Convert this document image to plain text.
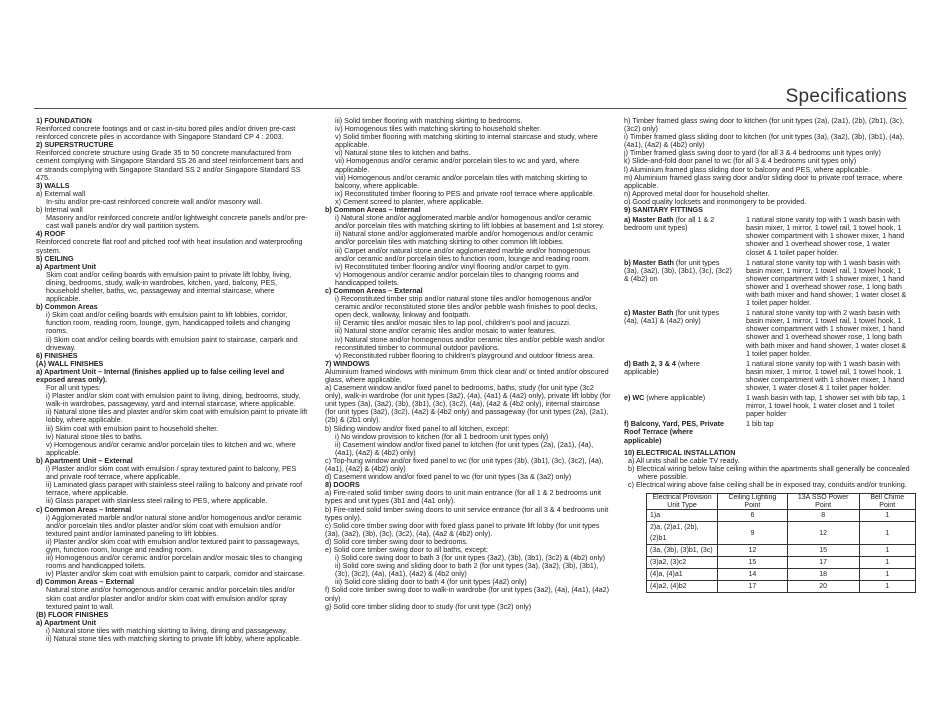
Specifications
1) FOUNDATION
Reinforced concrete footings and or cast in-situ bored piles and/or driven pre-cast reinforced concrete piles in accordance with Singapore Standard CP 4 : 2003.
2) SUPERSTRUCTURE
Reinforced concrete structure using Grade 35 to 50 concrete manufactured from cement complying with Singapore Standard SS 26 and steel reinforcement bars and or strands complying with Singapore Standard SS 2 and/or Singapore Standard SS 475.
3) WALLS
a) External wall
In-situ and/or pre-cast reinforced concrete wall and/or masonry wall.
b) Internal wall
Masonry and/or reinforced concrete and/or lightweight concrete panels and/or pre-cast wall panels and/or dry wall partition system.
4) ROOF
Reinforced concrete flat roof and pitched roof with heat insulation and waterproofing system.
5) CEILING
a) Apartment Unit
Skim coat and/or ceiling boards with emulsion paint to private lift lobby, living, dining, bedrooms, study, walk-in wardrobes, kitchen, yard, balcony, PES, household shelter, baths, wc, passageway and internal staircase, where applicable.
b) Common Areas
i) Skim coat and/or ceiling boards with emulsion paint to lift lobbies, corridor, function room, reading room, lounge, gym, handicapped toilets and changing rooms.
ii) Skim coat and/or ceiling boards with emulsion paint to staircase, carpark and driveway.
6) FINISHES
(A) WALL FINISHES
a) Apartment Unit – Internal (finishes applied up to false ceiling level and exposed areas only).
For all unit types:
i) Plaster and/or skim coat with emulsion paint to living, dining, bedrooms, study, walk-in wardrobes, passageway, yard and internal staircase, where applicable.
ii) Natural stone tiles and plaster and/or skim coat with emulsion paint to private lift lobby, where applicable.
iii) Skim coat with emulsion paint to household shelter.
iv) Natural stone tiles to baths.
v) Homogenous and/or ceramic and/or porcelain tiles to kitchen and wc, where applicable.
b) Apartment Unit – External
i) Plaster and/or skim coat with emulsion / spray textured paint to balcony, PES and private roof terrace, where applicable.
ii) Laminated glass parapet with stainless steel railing to balcony and private roof terrace, where applicable.
iii) Glass parapet with stainless steel railing to PES, where applicable.
c) Common Areas – Internal
i) Agglomerated marble and/or natural stone and/or homogenous and/or ceramic and/or porcelain tiles and/or plaster and/or skim coat with emulsion and/or textured paint and/or laminated paneling to lift lobbies.
ii) Plaster and/or skim coat with emulsion and/or textured paint to passageways, gym, function room, lounge and reading room.
iii) Homogenous and/or ceramic and/or porcelain and/or mosaic tiles to changing rooms and handicapped toilets.
iv) Plaster and/or skim coat with emulsion paint to carpark, corridor and staircase.
d) Common Areas – External
Natural stone and/or homogenous and/or ceramic and/or porcelain tiles and/or skim coat and/or plaster and/or and/or skim coat with emulsion and/or spray textured paint to wall.
(B) FLOOR FINISHES
a) Apartment Unit
i) Natural stone tiles with matching skirting to living, dining and passageway.
ii) Natural stone tiles with matching skirting to private lift lobby, where applicable.
iii) Solid timber flooring with matching skirting to bedrooms.
iv) Homogenous tiles with matching skirting to household shelter.
v) Solid timber flooring with matching skirting to internal staircase and study, where applicable.
vi) Natural stone tiles to kitchen and baths.
vii) Homogenous and/or ceramic and/or porcelain tiles to wc and yard, where applicable.
viii) Homogenous and/or ceramic and/or porcelain tiles with matching skirting to balcony, where applicable.
ix) Reconstituted timber flooring to PES and private roof terrace where applicable.
x) Cement screed to planter, where applicable.
b) Common Areas – Internal
i) Natural stone and/or agglomerated marble and/or homogenous and/or ceramic and/or porcelain tiles with matching skirting to lift lobbies at basement and 1st storey.
ii) Natural stone and/or agglomerated marble and/or homogenous and/or ceramic and/or porcelain tiles with matching skirting to other common lift lobbies.
iii) Carpet and/or natural stone and/or agglomerated marble and/or homogenous and/or ceramic and/or porcelain tiles to function room, lounge and reading room.
iv) Reconstituted timber flooring and/or vinyl flooring and/or carpet to gym.
v) Homogenous and/or ceramic and/or porcelain tiles to changing rooms and handicapped toilets.
c) Common Areas – External
i) Reconstituted timber strip and/or natural stone tiles and/or homogenous and/or ceramic and/or reconstituted stone tiles and/or pebble wash finishes to pool decks, open deck, walkway, linkway and footpath.
ii) Ceramic tiles and/or mosaic tiles to lap pool, children's pool and jacuzzi.
iii) Natural stone and/or ceramic tiles and/or mosaic to water features.
iv) Natural stone and/or homogenous and/or ceramic tiles and/or pebble wash and/or reconstituted timber to communal outdoor pavilions.
v) Reconstituted rubber flooring to children's playground and outdoor fitness area.
7) WINDOWS
Aluminium framed windows with minimum 6mm thick clear and/ or tinted and/or obscured glass, where applicable.
a) Casement window and/or fixed panel to bedrooms, baths, study (for unit type (3c2 only), walk-in wardrobe (for unit types (3a2), (4a), (4a1) & (4a2) only), private lift lobby (for unit types (3a), (3a2), (3b), (3b1), (3c), (3c2), (4a), (4a2 & (4b2 only), internal staircase (for unit types (3a2), (3c2), (4a2) & (4b2 only) and passageway (for unit types (2a), (2a1), (2b) & (2b1 only).
b) Sliding window and/or fixed panel to all kitchen, except:
i) No window provision to kitchen (for all 1 bedroom unit types only)
ii) Casement window and/or fixed panel to kitchen (for unit types (2a), (2a1), (4a), (4a1), (4a2) & (4b2) only)
c) Top-hung window and/or fixed panel to wc (for unit types (3b), (3b1), (3c), (3c2), (4a), (4a1), (4a2) & (4b2) only)
d) Casement window and/or fixed panel to wc (for unit types (3a & (3a2) only)
8) DOORS
a) Fire-rated solid timber swing doors to unit main entrance (for all 1 & 2 bedrooms unit types and unit types (3b1 and (4a1 only).
b) Fire-rated solid timber swing doors to unit service entrance (for all 3 & 4 bedrooms unit types only).
c) Solid core timber swing door with fixed glass panel to private lift lobby (for unit types (3a), (3a2), (3b), (3c), (3c2), (4a), (4a2 & (4b2) only).
d) Solid core timber swing door to bedrooms.
e) Solid core timber swing door to all baths, except:
i) Solid core swing door to bath 3 (for unit types (3a2), (3b), (3b1), (3c2) & (4b2) only)
ii) Solid core swing and sliding door to bath 2 (for unit types (3a), (3a2), (3b), (3b1), (3c), (3c2), (4a), (4a1), (4a2) & (4b2 only)
iii) Solid core sliding door to bath 4 (for unit types (4a2) only)
f) Solid core timber swing door to walk-in wardrobe (for unit types (3a2), (4a), (4a1), (4a2) only)
g) Solid core timber sliding door to study (for unit type (3c2) only)
h) Timber framed glass swing door to kitchen (for unit types (2a), (2a1), (2b), (2b1), (3c), (3c2) only)
i) Timber framed glass sliding door to kitchen (for unit types (3a), (3a2), (3b), (3b1), (4a), (4a1), (4a2) & (4b2) only)
j) Timber framed glass swing door to yard (for all 3 & 4 bedrooms unit types only)
k) Slide-and-fold door panel to wc (for all 3 & 4 bedrooms unit types only)
l) Aluminium framed glass sliding door to balcony and PES, where applicable.
m) Aluminium framed glass swing door and/or sliding door to private roof terrace, where applicable.
n) Approved metal door for household shelter.
o) Good quality locksets and ironmongery to be provided.
9) SANITARY FITTINGS
a) Master Bath (for all 1 & 2 bedroom unit types)
1 natural stone vanity top with 1 wash basin with basin mixer, 1 mirror, 1 towel rail, 1 towel hook, 1 shower compartment with 1 shower mixer, 1 hand shower and 1 overhead shower rose, 1 water closet & 1 toilet paper holder.
b) Master Bath (for unit types (3a), (3a2), (3b), (3b1), (3c), (3c2) & (4b2) on
1 natural stone vanity top with 1 wash basin with basin mixer, 1 mirror, 1 towel rail, 1 towel hook, 1 shower compartment with 1 shower mixer, 1 hand shower and 1 overhead shower rose, 1 long bath with bath mixer and hand shower, 1 water closet & 1 toilet paper holder.
c) Master Bath (for unit types (4a), (4a1) & (4a2) only)
1 natural stone vanity top with 2 wash basin with basin mixer, 1 mirror, 1 towel rail, 1 towel hook, 1 shower compartment with 1 shower mixer, 1 hand shower and 1 overhead shower rose, 1 long bath with bath mixer and hand shower, 1 water closet & 1 toilet paper holder.
d) Bath 2, 3 & 4 (where applicable)
1 natural stone vanity top with 1 wash basin with basin mixer, 1 mirror, 1 towel rail, 1 towel hook, 1 shower compartment with 1 shower mixer, 1 hand shower, 1 water closet & 1 toilet paper holder.
e) WC (where applicable)	1 wash basin with tap, 1 shower set with bib tap, 1 mirror, 1 towel hook, 1 water closet and 1 toilet paper holder
f) Balcony, Yard, PES, Private Roof Terrace (where applicable)
1 bib tap
10) ELECTRICAL INSTALLATION
a) All units shall be cable TV ready.
b) Electrical wiring below false ceiling within the apartments shall generally be concealed where possible.
c) Electrical wiring above false ceiling shall be in exposed tray, conduits and/or trunking.
Electrical Provision
Unit Type	Ceiling Lighting Point	13A SSO Power Point	Bell Chime Point
1)a	6	8	1
2)a, (2)a1, (2b), (2)b1	9	12	1
(3a, (3b), (3)b1, (3c)	12	15	1
(3)a2, (3)c2	15	17	1
(4)a, (4)a1	14	18	1
(4)a2, (4)b2	17	20	1
